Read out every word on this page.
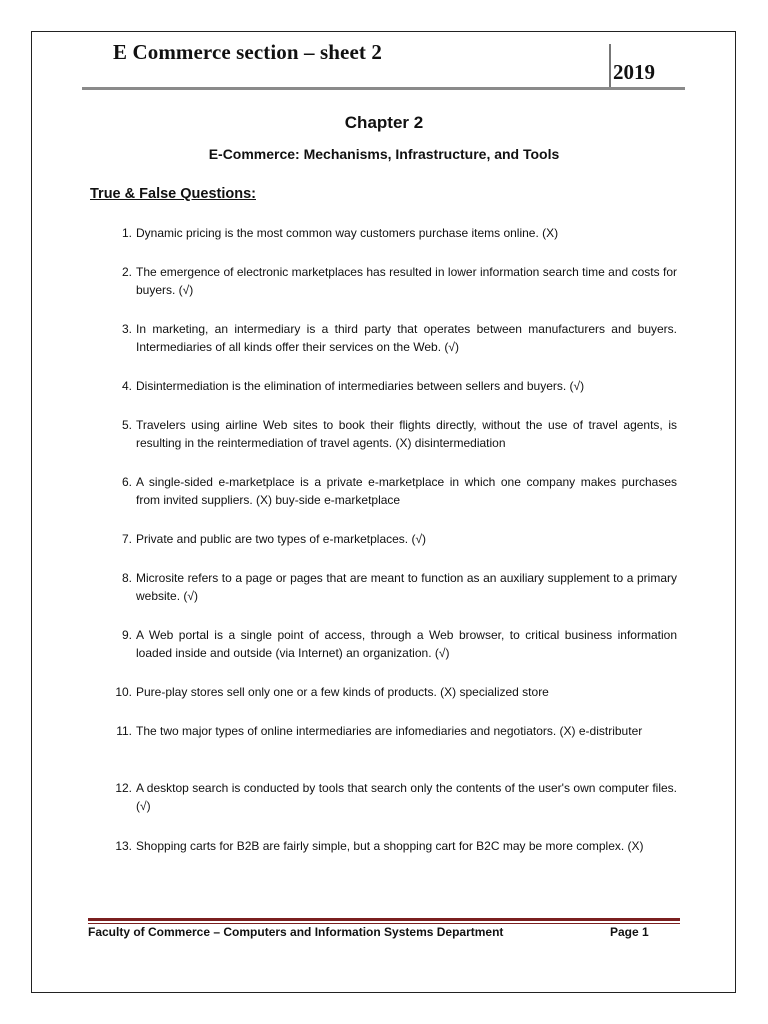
E Commerce section – sheet 2
2019
Chapter 2
E-Commerce: Mechanisms, Infrastructure, and Tools
True & False Questions:
1. Dynamic pricing is the most common way customers purchase items online. (X)
2. The emergence of electronic marketplaces has resulted in lower information search time and costs for buyers. (√)
3. In marketing, an intermediary is a third party that operates between manufacturers and buyers. Intermediaries of all kinds offer their services on the Web. (√)
4. Disintermediation is the elimination of intermediaries between sellers and buyers. (√)
5. Travelers using airline Web sites to book their flights directly, without the use of travel agents, is resulting in the reintermediation of travel agents. (X) disintermediation
6. A single-sided e-marketplace is a private e-marketplace in which one company makes purchases from invited suppliers. (X) buy-side e-marketplace
7. Private and public are two types of e-marketplaces. (√)
8. Microsite refers to a page or pages that are meant to function as an auxiliary supplement to a primary website. (√)
9. A Web portal is a single point of access, through a Web browser, to critical business information loaded inside and outside (via Internet) an organization. (√)
10. Pure-play stores sell only one or a few kinds of products. (X) specialized store
11. The two major types of online intermediaries are infomediaries and negotiators. (X) e-distributer
12. A desktop search is conducted by tools that search only the contents of the user's own computer files. (√)
13. Shopping carts for B2B are fairly simple, but a shopping cart for B2C may be more complex. (X)
Faculty of Commerce – Computers and Information Systems Department	Page 1
